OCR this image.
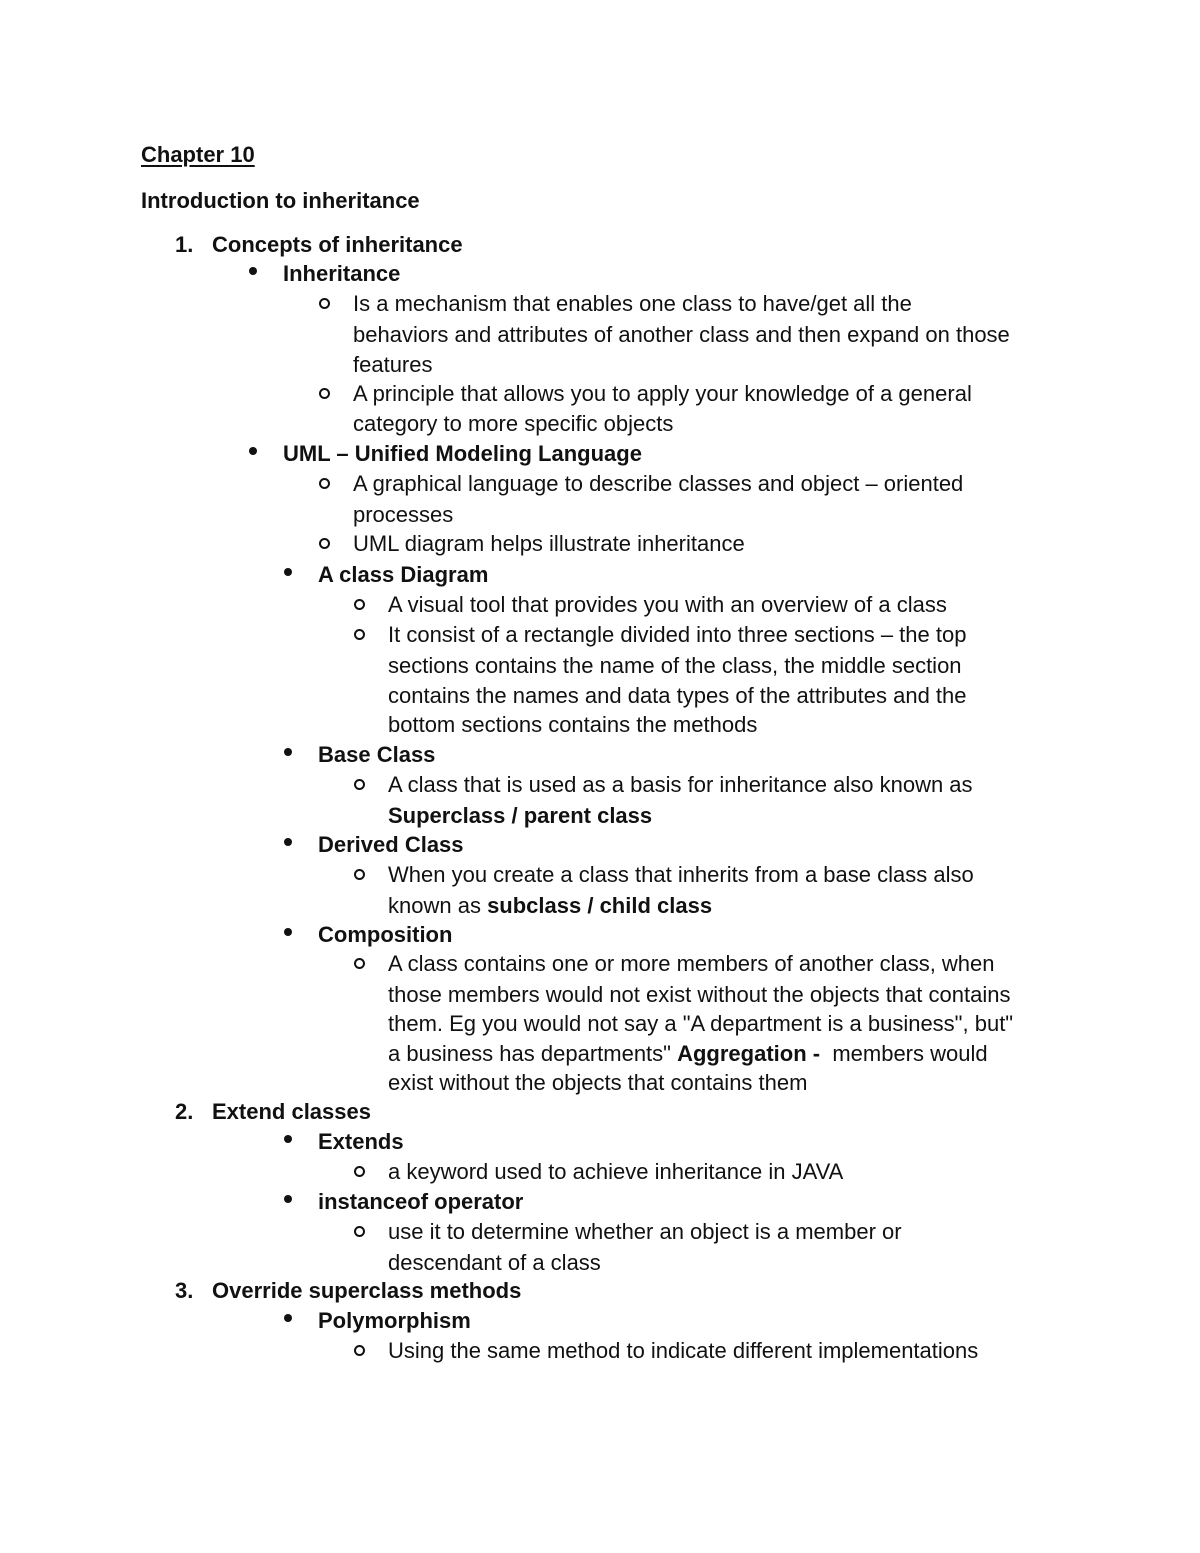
Chapter 10
Introduction to inheritance
1. Concepts of inheritance
Inheritance
Is a mechanism that enables one class to have/get all the
behaviors and attributes of another class and then expand on those
features
A principle that allows you to apply your knowledge of a general
category to more specific objects
UML – Unified Modeling Language
A graphical language to describe classes and object – oriented
processes
UML diagram helps illustrate inheritance
A class Diagram
A visual tool that provides you with an overview of a class
It consist of a rectangle divided into three sections – the top
sections contains the name of the class, the middle section
contains the names and data types of the attributes and the
bottom sections contains the methods
Base Class
A class that is used as a basis for inheritance also known as
Superclass / parent class
Derived Class
When you create a class that inherits from a base class also
known as subclass / child class
Composition
A class contains one or more members of another class, when
those members would not exist without the objects that contains
them. Eg you would not say a "A department is a business", but"
a business has departments" Aggregation -  members would
exist without the objects that contains them
2. Extend classes
Extends
a keyword used to achieve inheritance in JAVA
instanceof operator
use it to determine whether an object is a member or
descendant of a class
3. Override superclass methods
Polymorphism
Using the same method to indicate different implementations
